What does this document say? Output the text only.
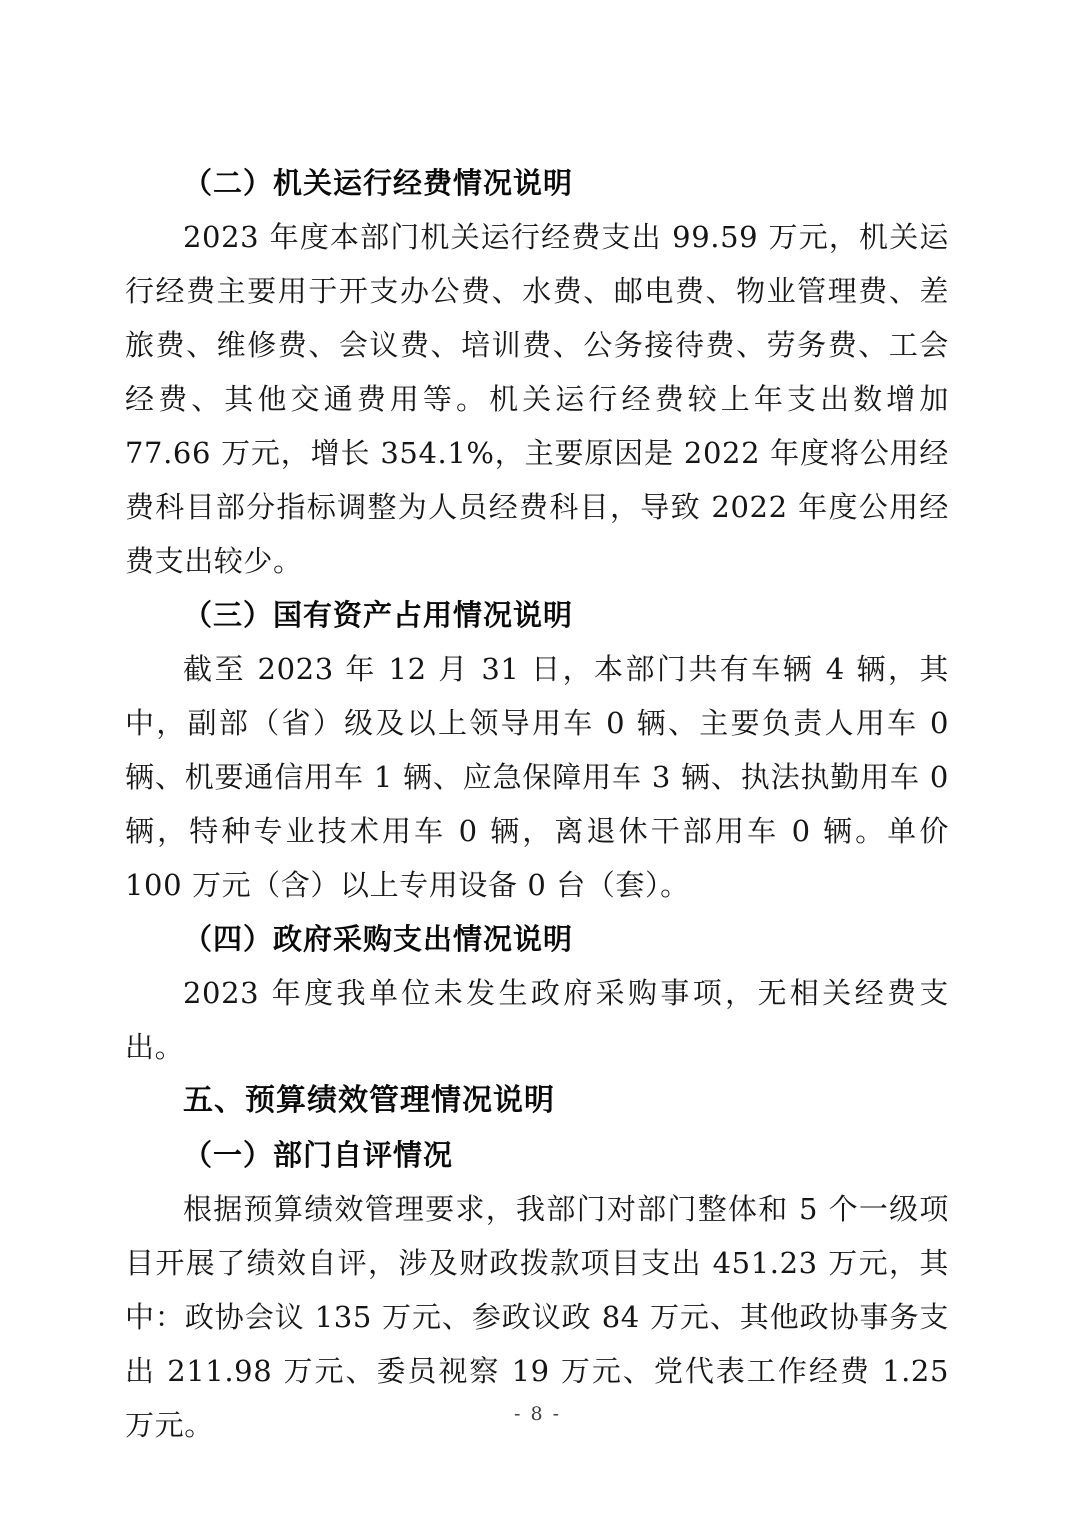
（二）机关运行经费情况说明

2023 年度本部门机关运行经费支出 99.59 万元，机关运行经费主要用于开支办公费、水费、邮电费、物业管理费、差旅费、维修费、会议费、培训费、公务接待费、劳务费、工会经费、其他交通费用等。机关运行经费较上年支出数增加 77.66 万元，增长 354.1%，主要原因是 2022 年度将公用经费科目部分指标调整为人员经费科目，导致 2022 年度公用经费支出较少。

（三）国有资产占用情况说明

截至 2023 年 12 月 31 日，本部门共有车辆 4 辆，其中，副部（省）级及以上领导用车 0 辆、主要负责人用车 0 辆、机要通信用车 1 辆、应急保障用车 3 辆、执法执勤用车 0 辆，特种专业技术用车 0 辆，离退休干部用车 0 辆。单价 100 万元（含）以上专用设备 0 台（套）。

（四）政府采购支出情况说明

2023 年度我单位未发生政府采购事项，无相关经费支出。

五、预算绩效管理情况说明
（一）部门自评情况

根据预算绩效管理要求，我部门对部门整体和 5 个一级项目开展了绩效自评，涉及财政拨款项目支出 451.23 万元，其中：政协会议 135 万元、参政议政 84 万元、其他政协事务支出 211.98 万元、委员视察 19 万元、党代表工作经费 1.25 万元。	- 8 -
